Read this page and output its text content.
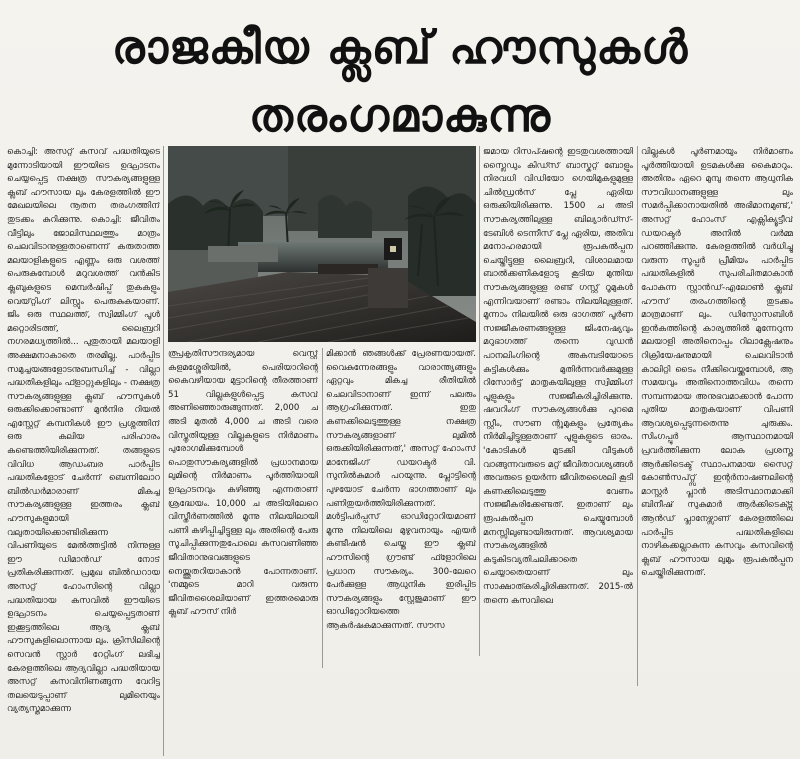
രാജകീയ ക്ലബ് ഹൗസുകൾ
തരംഗമാകുന്നു

കൊച്ചി: അസറ്റ് കസവ് പദ്ധതിയുടെ മുന്നോടിയായി ഈയിടെ ഉദ്ഘാടനം ചെയ്യപ്പെട്ട നക്ഷത്ര സൗകര്യങ്ങളുള്ള ക്ലബ് ഹൗസായ ലും കേരളത്തിൽ ഈ മേഖലയിലെ നൂതന തരംഗത്തിന് തുടക്കം കുറിക്കുന്നു. കൊച്ചി: ജീവിതം വീട്ടിലും ജോലിസ്ഥലത്തും മാത്രം ചെലവിടാനുള്ളതാണെന്ന് കരുതാത്ത മലയാളികളുടെ എണ്ണം ഒരു വശത്ത് പെരുകുമ്പോൾ മറുവശത്ത് വൻകിട ക്ലബുകളുടെ മെമ്പർഷിപ്പ് തുകകളും വെയ്റ്റിംഗ് ലിസ്റ്റും പെരുകുകയാണ്. ജിം ഒരു സ്ഥലത്ത്, സ്വിമ്മിംഗ് പൂൾ മറ്റൊരിടത്ത്, ലൈബ്രറി നഗരമധ്യത്തിൽ... പുതുതായി മലയാളി അക്ഷമനാകാതെ തരമില്ല. പാർപ്പിട സമുച്ചയങ്ങളോടനുബന്ധിച്ച് - വില്ലാ പദ്ധതികളിലും ഫ്ളാറ്റുകളിലും - നക്ഷത്ര സൗകര്യങ്ങളുള്ള ക്ലബ് ഹൗസുകൾ ഒരുക്കിക്കൊണ്ടാണ് മുൻനിര റിയൽ എസ്റ്റേറ്റ് കമ്പനികൾ ഈ പ്രശ്നത്തിന് ഒരു കലിയ പരിഹാരം കണ്ടെത്തിയിരിക്കുന്നത്. തങ്ങളുടെ വിവിധ ആഡംബര പാർപ്പിട പദ്ധതികളോട് ചേർന്ന് ബെന്നിലോറ ബിൽഡർമാരാണ് മികച്ച സൗകര്യങ്ങളുള്ള ഇത്തരം ക്ലബ് ഹൗസുകളുമായി വലുതായിക്കൊണ്ടിരിക്കുന്ന വിപണിയുടെ മേൽത്തട്ടിൽ നിന്നുള്ള ഈ ഡിമാൻഡ് നോട് പ്രതികരിക്കുന്നത്. പ്രമുഖ ബിൽഡറായ അസറ്റ് ഹോംസിന്റെ വില്ലാ പദ്ധതിയായ കസവിൽ ഈയിടെ ഉദ്ഘാടനം ചെയ്യപ്പെട്ടതാണ് ഇക്കൂട്ടത്തിലെ ആദ്യ ക്ലബ് ഹൗസുകളിലൊന്നായ ലും. ക്രിസിലിന്റെ സെവൻ സ്റ്റാർ റേറ്റിംഗ് ലഭിച്ച കേരളത്തിലെ ആദ്യവില്ലാ പദ്ധതിയായ അസറ്റ് കസവിനിണങ്ങുന്ന വേറിട്ട തലയെടുപ്പാണ് ലുമിനെയും വ്യത്യസ്തമാക്കുന്ന

ത്പ്രകൃതിസൗന്ദര്യമായ വെസ്റ്റ് കളമശ്ശേരിയിൽ, പെരിയാറിന്റെ കൈവഴിയായ മുട്ടാറിന്റെ തീരത്താണ് 51 വില്ലകളുൾപ്പെട്ട കസവ് അണിഞ്ഞൊരുങ്ങുന്നത്. 2,000 ച അടി മുതൽ 4,000 ച അടി വരെ വിസ്തൃതിയുള്ള വില്ലകളുടെ നിർമാണം പുരോഗമിക്കുമ്പോൾ പൊതുസൗകര്യങ്ങളിൽ പ്രധാനമായ ലുമിന്റെ നിർമാണം പൂർത്തിയായി ഉദ്ഘാടനവും കഴിഞ്ഞു എന്നതാണ് ശ്രദ്ധേയം. 10,000 ച അടിയിലേറെ വിസ്തീർണത്തിൽ മൂന്നു നിലയിലായി പണി കഴിപ്പിച്ചിട്ടുള്ള ലും അതിന്റെ പേരു സൂചിപ്പിക്കുന്നതുപോലെ കസവണിഞ്ഞ ജീവിതാനുഭവങ്ങളുടെ നെയ്ത്തുതറിയാകാൻ പോന്നതാണ്. 'നമ്മുടെ മാറി വരുന്ന ജീവിതശൈലിയാണ് ഇത്തരമൊരു ക്ലബ് ഹൗസ് നിർ

മിക്കാൻ ഞങ്ങൾക്ക് പ്രേരണയായത്. വൈകുന്നേരങ്ങളും വാരാന്ത്യങ്ങളും ഏറ്റവും മികച്ച രീതിയിൽ ചെലവിടാനാണ് ഇന്ന് പലരും ആഗ്രഹിക്കുന്നത്. ഇതു കണക്കിലെടുത്തുള്ള നക്ഷത്ര സൗകര്യങ്ങളാണ് ലുമിൽ ഒരുക്കിയിരിക്കുന്നത്,' അസറ്റ് ഹോംസ് മാനേജിംഗ് ഡയറക്ടർ വി. സുനിൽകുമാർ പറയുന്നു. പ്ലോട്ടിന്റെ പുഴയോട് ചേർന്ന ഭാഗത്താണ് ലും പണിതുയർത്തിയിരിക്കുന്നത്. മൾട്ടിപർപ്പസ് ഓഡിറ്റോറിയമാണ് മൂന്നു നിലയിലെ മുഴുവനായും എയർ കണ്ടീഷൻ ചെയ്ത ഈ ക്ലബ് ഹൗസിന്റെ ഗ്രൗണ്ട് ഫ്ളോറിലെ പ്രധാന സൗകര്യം. 300-ലേറെ പേർക്കുള്ള ആധുനിക ഇരിപ്പിട സൗകര്യങ്ങളും സ്റ്റേജുമാണ് ഈ ഓഡിറ്റോറിയത്തെ ആകർഷകമാക്കുന്നത്. സൗസ

ജമായ റിസപ്ഷന്റെ ഇടതുവശത്തായി സ്ലൈഡും കിഡ്സ് ബാസ്കറ്റ് ബോളും നിരവധി വിഡിയോ ഗെയിമുകളുമുള്ള ചിൽഡ്രൻസ് പ്ലേ ഏരിയ ഒരുക്കിയിരിക്കുന്നു. 1500 ച അടി സൗകര്യത്തിലുള്ള ബില്യാർഡ്സ്-ടേബിൾ ടെന്നീസ് പ്ലേ ഏരിയ, അതിവ മനോഹരമായി രൂപകൽപ്പന ചെയ്തിട്ടുള്ള ലൈബ്രറി, വിശാലമായ ബാൽക്കണികളോടു കൂടിയ മുന്തിയ സൗകര്യങ്ങളുള്ള രണ്ട് ഗസ്റ്റ് റൂമുകൾ എന്നിവയാണ് രണ്ടാം നിലയിലുള്ളത്. മൂന്നാം നിലയിൽ ഒരു ഭാഗത്ത് പൂർണ സജ്ജീകരണങ്ങളുള്ള ജിംനേഷ്യവും മറുഭാഗത്ത് തന്നെ വുഡൻ പാനലിംഗിന്റെ അകമ്പടിയോടെ കുട്ടികൾക്കും മുതിർന്നവർക്കുമുള്ള റിസോർട്ട് മാതൃകയിലുള്ള സ്വിമ്മിംഗ് പൂളുകളും സജ്ജീകരിച്ചിരിക്കുന്നു. ഷവറിംഗ് സൗകര്യങ്ങൾക്കു പുറമെ സ്റ്റീം, സൗണ ന്റൂമുകളും പ്രത്യേകം നിർമിച്ചിട്ടുള്ളതാണ് പൂളുകളുടെ ഓരം. 'കോടികൾ മുടക്കി വീടുകൾ വാങ്ങുന്നവരുടെ മറ്റ് ജീവിതാവശ്യങ്ങൾ അവരുടെ ഉയർന്ന ജീവിതശൈലി കൂടി കണക്കിലെടുത്തു വേണം സജ്ജീകരിക്കേണ്ടത്. ഇതാണ് ലും രൂപകൽപ്പന ചെയ്യുമ്പോൾ മനസ്സിലുണ്ടായിരുന്നത്. ആവശ്യമായ സൗകര്യങ്ങളിൽ കടുകിടവ്യതിചലിക്കാതെ ചെയ്യാതെയാണ് ലും സാക്ഷാത്കരിച്ചിരിക്കുന്നത്. 2015-ൽ തന്നെ കസവിലെ

വില്ലകൾ പൂർണമായും നിർമാണം പൂർത്തിയായി ഉടമകൾക്കു കൈമാറും. അതിനും ഏറെ മുമ്പു തന്നെ ആധുനിക സൗവിധാനങ്ങളുള്ള ലും സമർപ്പിക്കാനായതിൽ അഭിമാനമുണ്ട്,' അസറ്റ് ഹോംസ് എക്സിക്യൂട്ടീവ് ഡയറക്ടർ അനിൽ വർമ്മ പറഞ്ഞിക്കുന്നു. കേരളത്തിൽ വർധിച്ചു വരുന്ന സൂപ്പർ പ്രീമിയം പാർപ്പിട പദ്ധതികളിൽ സുപരിചിതമാകാൻ പോകുന്ന സ്റ്റാൻഡ്-എലോൺ ക്ലബ് ഹൗസ് തരംഗത്തിന്റെ തുടക്കം മാത്രമാണ് ലും. ഡിസ്പോസബിൾ ഇൻകത്തിന്റെ കാര്യത്തിൽ മുന്നേറുന്ന മലയാളി അതിനൊപ്പം റിലാക്സേഷനും റിക്രിയേഷനുമായി ചെലവിടാൻ കാലിറ്റി ടൈം നീക്കിവെയ്ക്കുമ്പോൾ, ആ സമയവും അതിനൊത്തവിധം തന്നെ സമ്പന്നമായ അനുഭവമാക്കാൻ പോന്ന പുതിയ മാതൃകയാണ് വിപണി ആവശ്യപ്പെടുന്നതെന്നു ചുരുക്കം. സിംഗപ്പൂർ ആസ്ഥാനമായി പ്രവർത്തിക്കുന്ന ലോക പ്രശസ്ത ആർക്കിടെക്ട് സ്ഥാപനമായ സൈറ്റ് കോൺസപ്റ്റ്സ് ഇന്റർനാഷണലിന്റെ മാസ്റ്റർ പ്ലാൻ അടിസ്ഥാനമാക്കി ബിനീഷ് സുകുമാർ ആർക്കിടെക്ട്സ് ആൻഡ് പ്ലാനേഴ്സാണ് കേരളത്തിലെ പാർപ്പിട പദ്ധതികളിലെ നാഴികക്കല്ലാകുന്ന കസവും കസവിന്റെ ക്ലബ് ഹൗസായ ലുമും രൂപകൽപ്പന ചെയ്തിരിക്കുന്നത്.
